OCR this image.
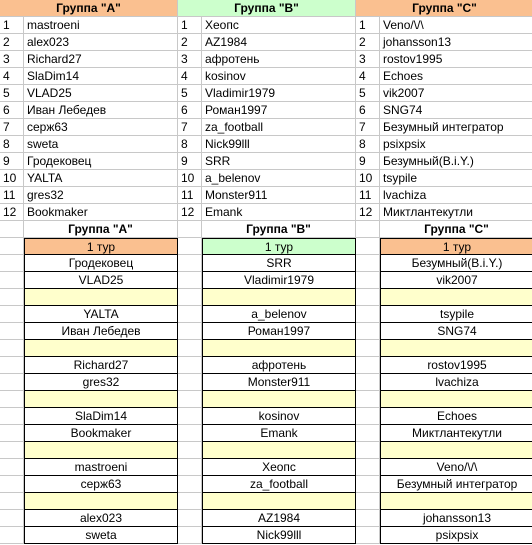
Группа "А"	Группа "В"	Группа "С"
1	mastroeni	1	Хеопс	1	Veno/\/\
2	alex023	2	AZ1984	2	johansson13
3	Richard27	3	афротень	3	rostov1995
4	SlaDim14	4	kosinov	4	Echoes
5	VLAD25	5	Vladimir1979	5	vik2007
6	Иван Лебедев	6	Роман1997	6	SNG74
7	серж63	7	za_football	7	Безумный интегратор
8	sweta	8	Nick99lll	8	psixpsix
9	Гродековец	9	SRR	9	Безумный(B.i.Y.)
10 YALTA	10 a_belenov	10 tsypile
11 gres32	11 Monster911	11 lvachiza
12 Bookmaker	12 Emank	12 Миктлантекутли
Группа "А"	Группа "В"	Группа "С"
1 тур	1 тур	1 тур
Гродековец	SRR	Безумный(B.i.Y.)
VLAD25	Vladimir1979	vik2007
YALTA	a_belenov	tsypile
Иван Лебедев	Роман1997	SNG74
Richard27	афротень	rostov1995
gres32	Monster911	lvachiza
SlaDim14	kosinov	Echoes
Bookmaker	Emank	Миктлантекутли
mastroeni	Хеопс	Veno/\/\
серж63	za_football	Безумный интегратор
alex023	AZ1984	johansson13
sweta	Nick99lll	psixpsix
